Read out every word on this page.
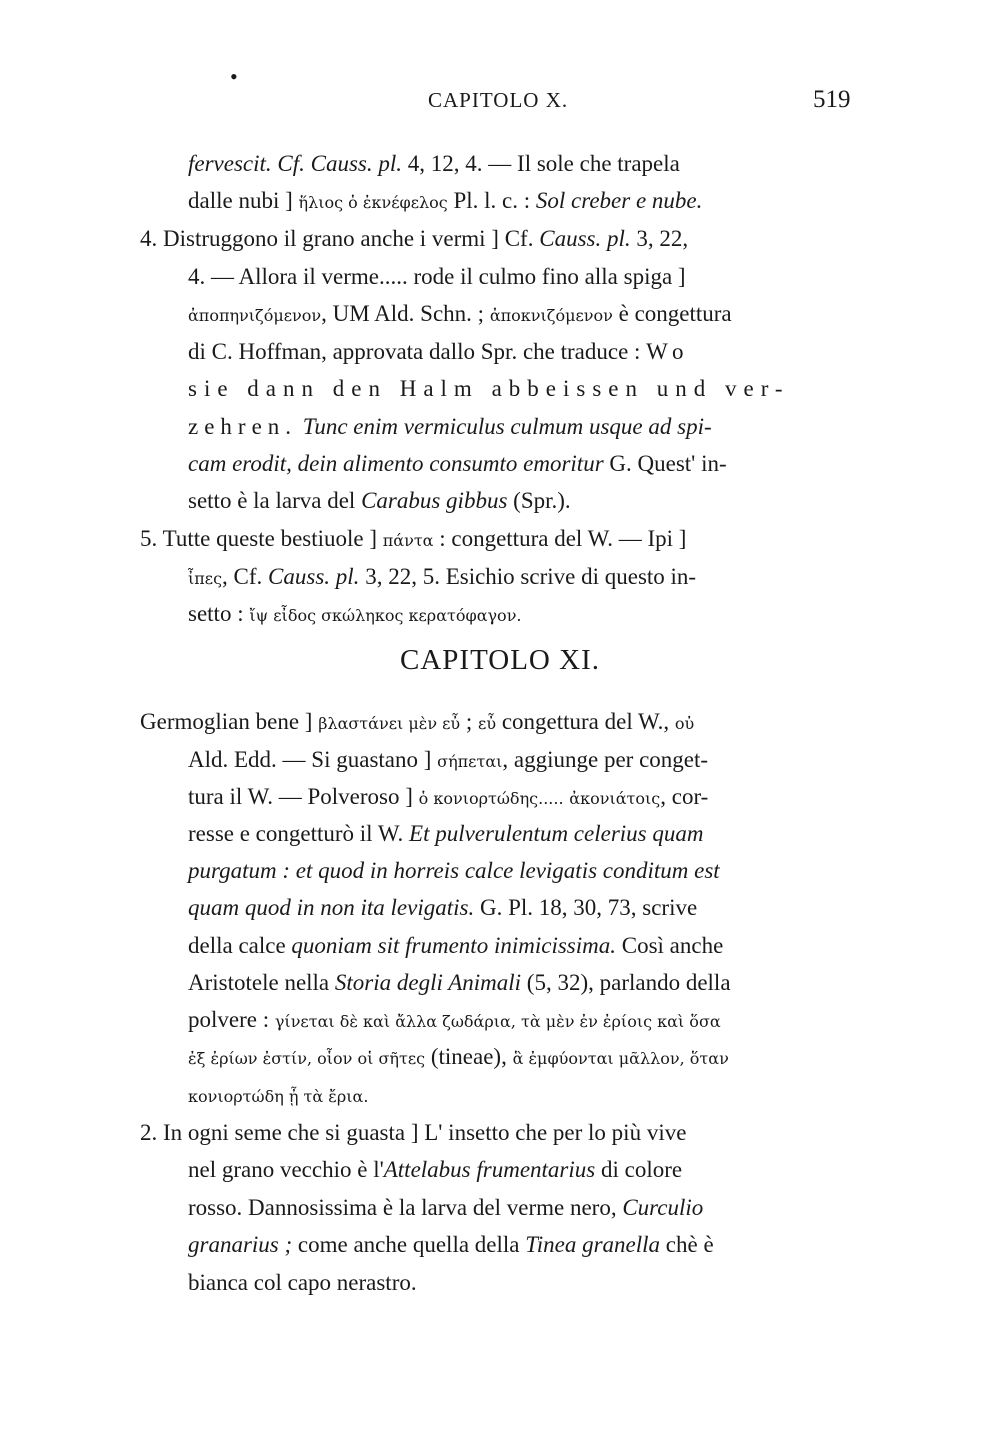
•
CAPITOLO X.	519
fervescit. Cf. Causs. pl. 4, 12, 4. — Il sole che trapela
dalle nubi ] ἥλιος ὁ ἐκνέφελος Pl. l. c. : Sol creber e nube.
4. Distruggono il grano anche i vermi ] Cf. Causs. pl. 3, 22,
4. — Allora il verme..... rode il culmo fino alla spiga ]
ἀποπηνιζόμενον, UM Ald. Schn. ; ἀποκνιζόμενον è congettura
di C. Hoffman, approvata dallo Spr. che traduce : Wo
sie dann den Halm abbeissen und ver-
zehren. Tunc enim vermiculus culmum usque ad spi-
cam erodit, dein alimento consumto emoritur G. Quest' in-
setto è la larva del Carabus gibbus (Spr.).
5. Tutte queste bestiuole ] πάντα : congettura del W. — Ipi ]
ἶπες, Cf. Causs. pl. 3, 22, 5. Esichio scrive di questo in-
setto : ἴψ εἶδος σκώληκος κερατόφαγον.
CAPITOLO XI.
Germoglian bene ] βλαστάνει μὲν εὖ ; εὖ congettura del W., οὐ
Ald. Edd. — Si guastano ] σήπεται, aggiunge per conget-
tura il W. — Polveroso ] ὁ κονιορτώδης..... ἀκονιάτοις, cor-
resse e congetturò il W. Et pulverulentum celerius quam
purgatum : et quod in horreis calce levigatis conditum est
quam quod in non ita levigatis. G. Pl. 18, 30, 73, scrive
della calce quoniam sit frumento inimicissima. Così anche
Aristotele nella Storia degli Animali (5, 32), parlando della
polvere : γίνεται δὲ καὶ ἄλλα ζωδάρια, τὰ μὲν ἐν ἐρίοις καὶ ὅσα
ἐξ ἐρίων ἐστίν, οἷον οἱ σῆτες (tineae), ἃ ἐμφύονται μᾶλλον, ὅταν
κονιορτώδη ᾖ τὰ ἔρια.
2. In ogni seme che si guasta ] L' insetto che per lo più vive
nel grano vecchio è l'Attelabus frumentarius di colore
rosso. Dannosissima è la larva del verme nero, Curculio
granarius ; come anche quella della Tinea granella chè è
bianca col capo nerastro.
